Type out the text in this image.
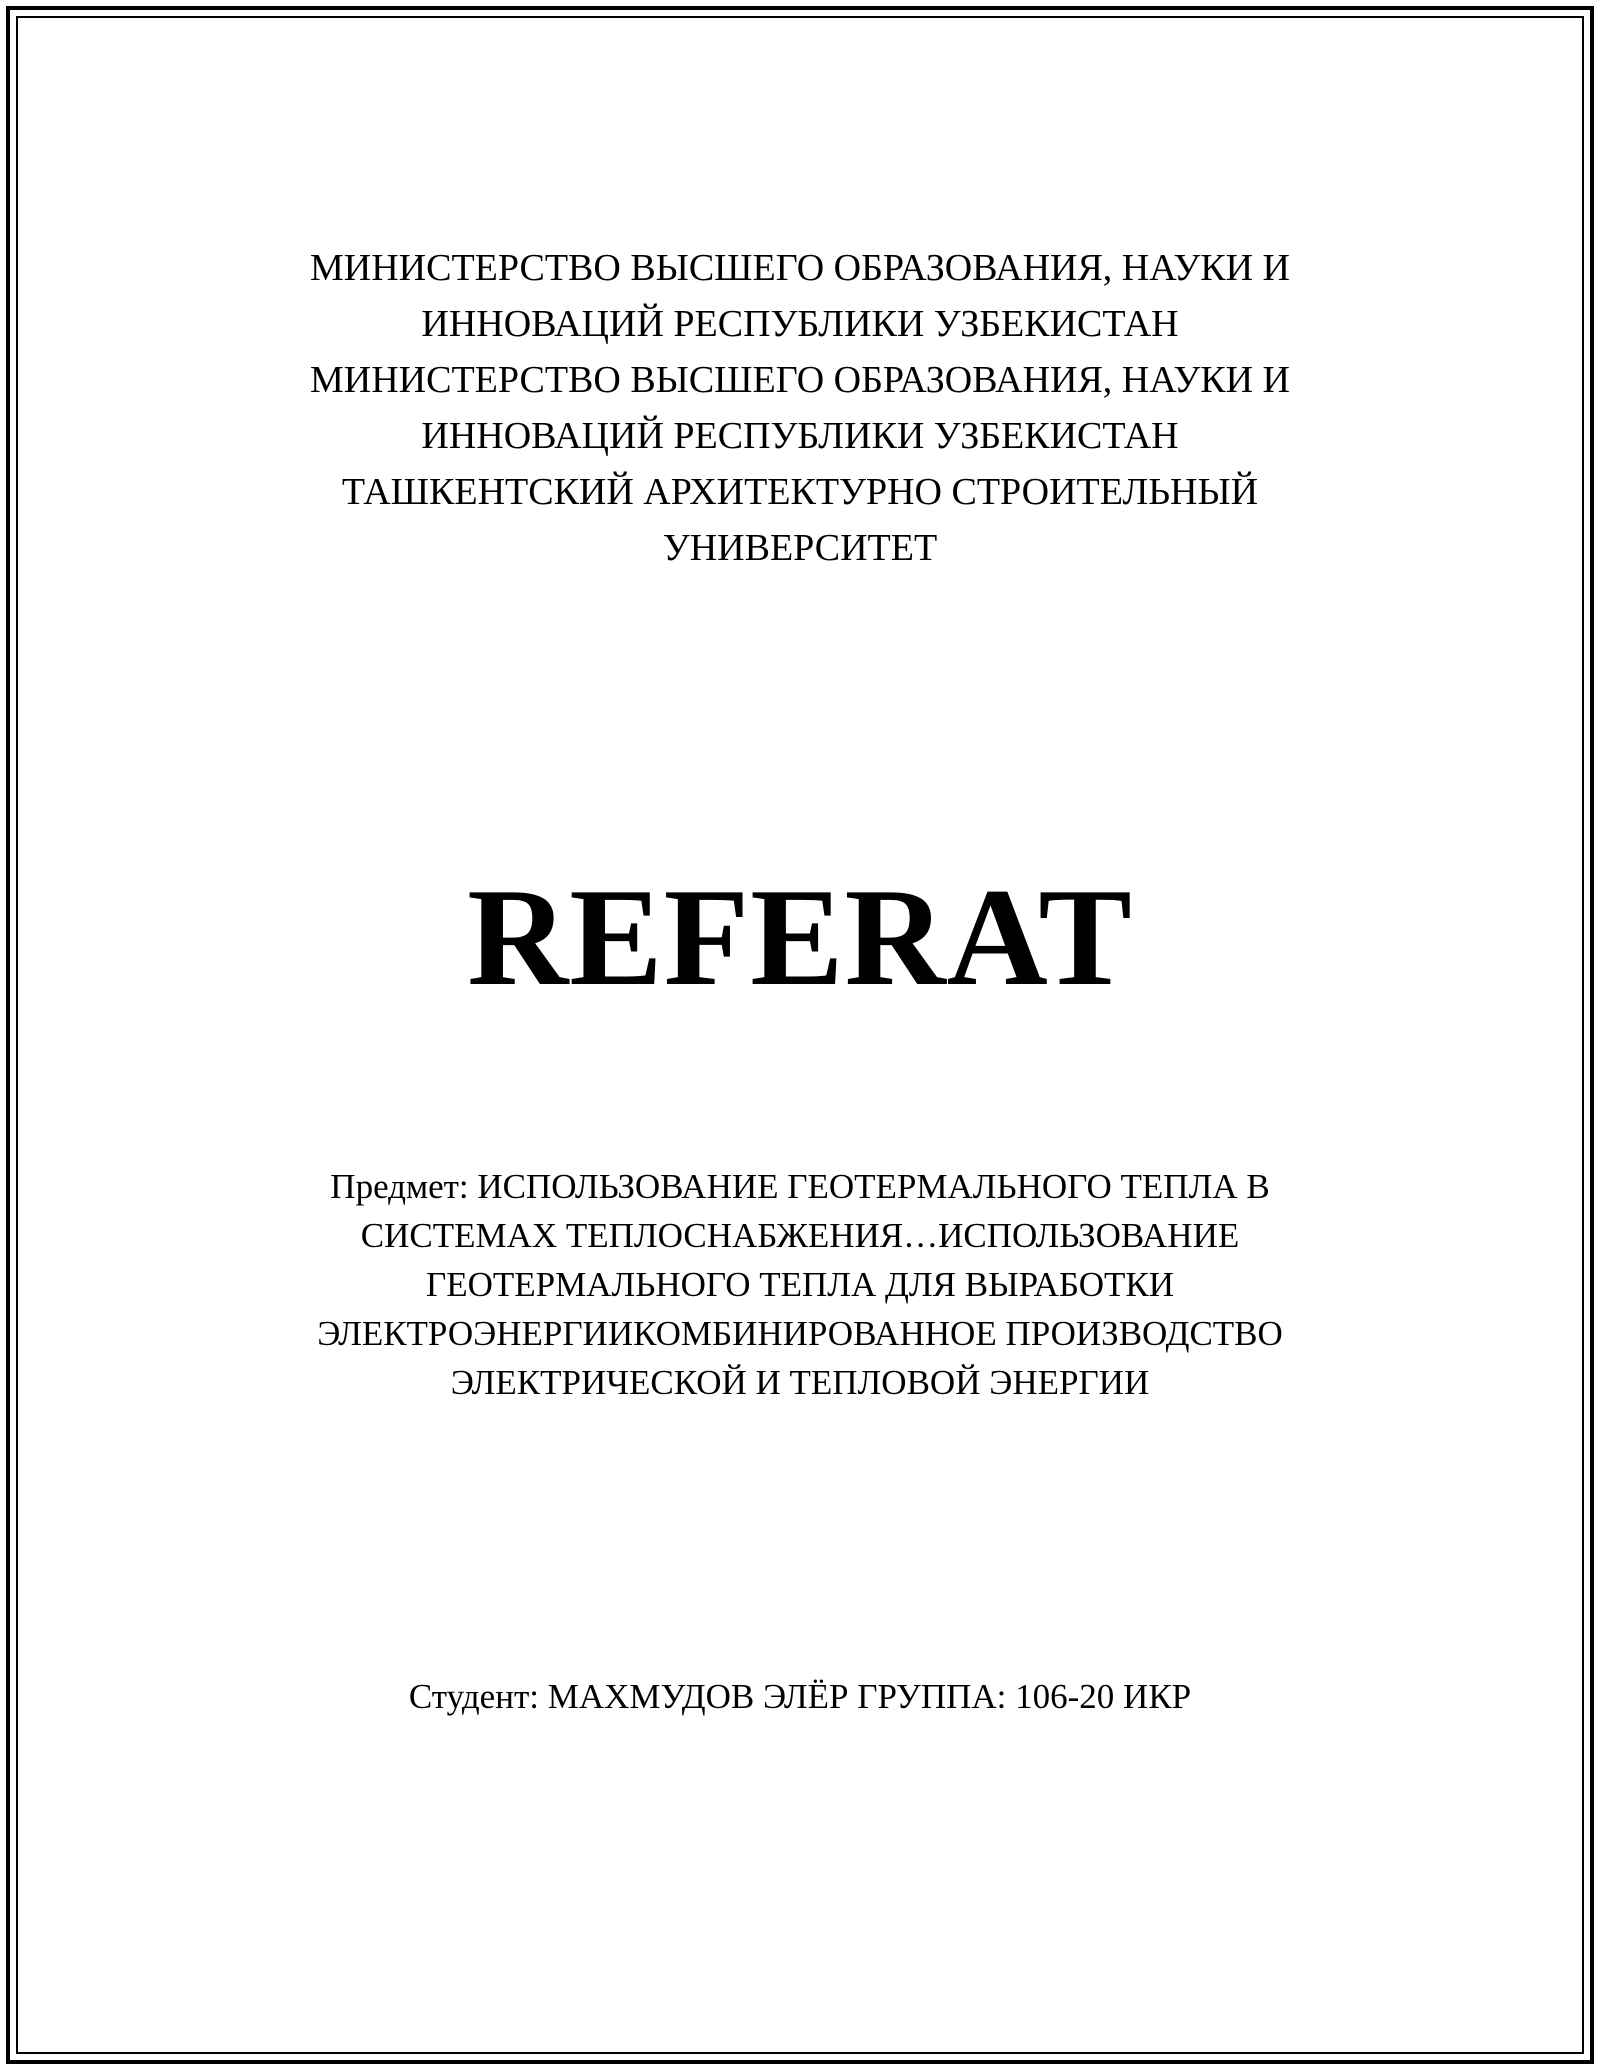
МИНИСТЕРСТВО ВЫСШЕГО ОБРАЗОВАНИЯ, НАУКИ И
ИННОВАЦИЙ РЕСПУБЛИКИ УЗБЕКИСТАН
МИНИСТЕРСТВО ВЫСШЕГО ОБРАЗОВАНИЯ, НАУКИ И
ИННОВАЦИЙ РЕСПУБЛИКИ УЗБЕКИСТАН
ТАШКЕНТСКИЙ АРХИТЕКТУРНО СТРОИТЕЛЬНЫЙ
УНИВЕРСИТЕТ
REFERAT
Предмет: ИСПОЛЬЗОВАНИЕ ГЕОТЕРМАЛЬНОГО ТЕПЛА В
СИСТЕМАХ ТЕПЛОСНАБЖЕНИЯ…ИСПОЛЬЗОВАНИЕ
ГЕОТЕРМАЛЬНОГО ТЕПЛА ДЛЯ ВЫРАБОТКИ
ЭЛЕКТРОЭНЕРГИИКОМБИНИРОВАННОЕ ПРОИЗВОДСТВО
ЭЛЕКТРИЧЕСКОЙ И ТЕПЛОВОЙ ЭНЕРГИИ
Студент: МАХМУДОВ ЭЛЁР ГРУППА: 106-20 ИКР
